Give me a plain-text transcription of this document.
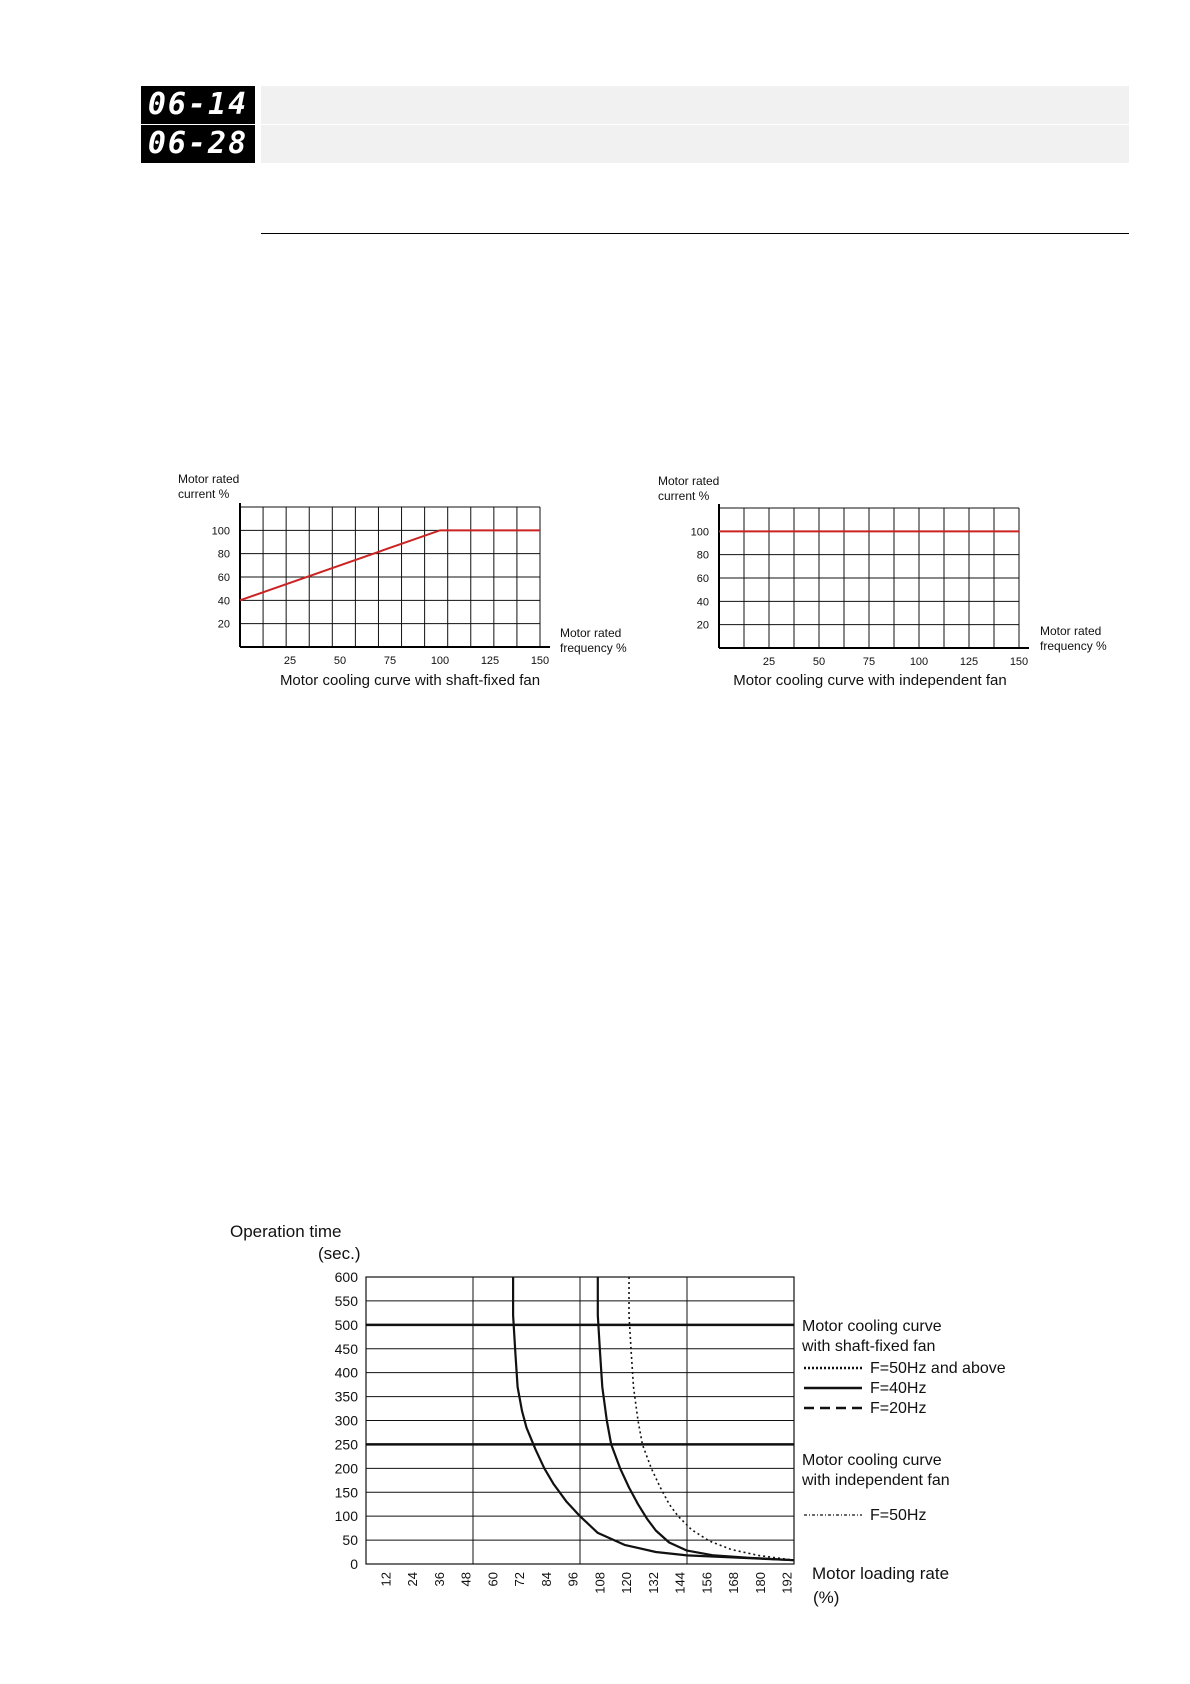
06-14
06-28
Motor rated
current %
Motor rated
frequency %
Motor cooling curve with shaft-fixed fan
20
40
60
80
100
25	50	75	100	125	150
Motor rated
current %
Motor rated
frequency %
Motor cooling curve with independent fan
20
40
60
80
100
25	50	75	100	125	150
Operation time
(sec.)
Motor loading rate
(%)
Motor cooling curve
with shaft-fixed fan
F=50Hz and above
F=40Hz
F=20Hz
Motor cooling curve
with independent fan
F=50Hz
0
50
100
150
200
250
300
350
400
450
500
550
600
12 24 36 48 60 72 84 96 108 120 132 144 156 168 180 192
